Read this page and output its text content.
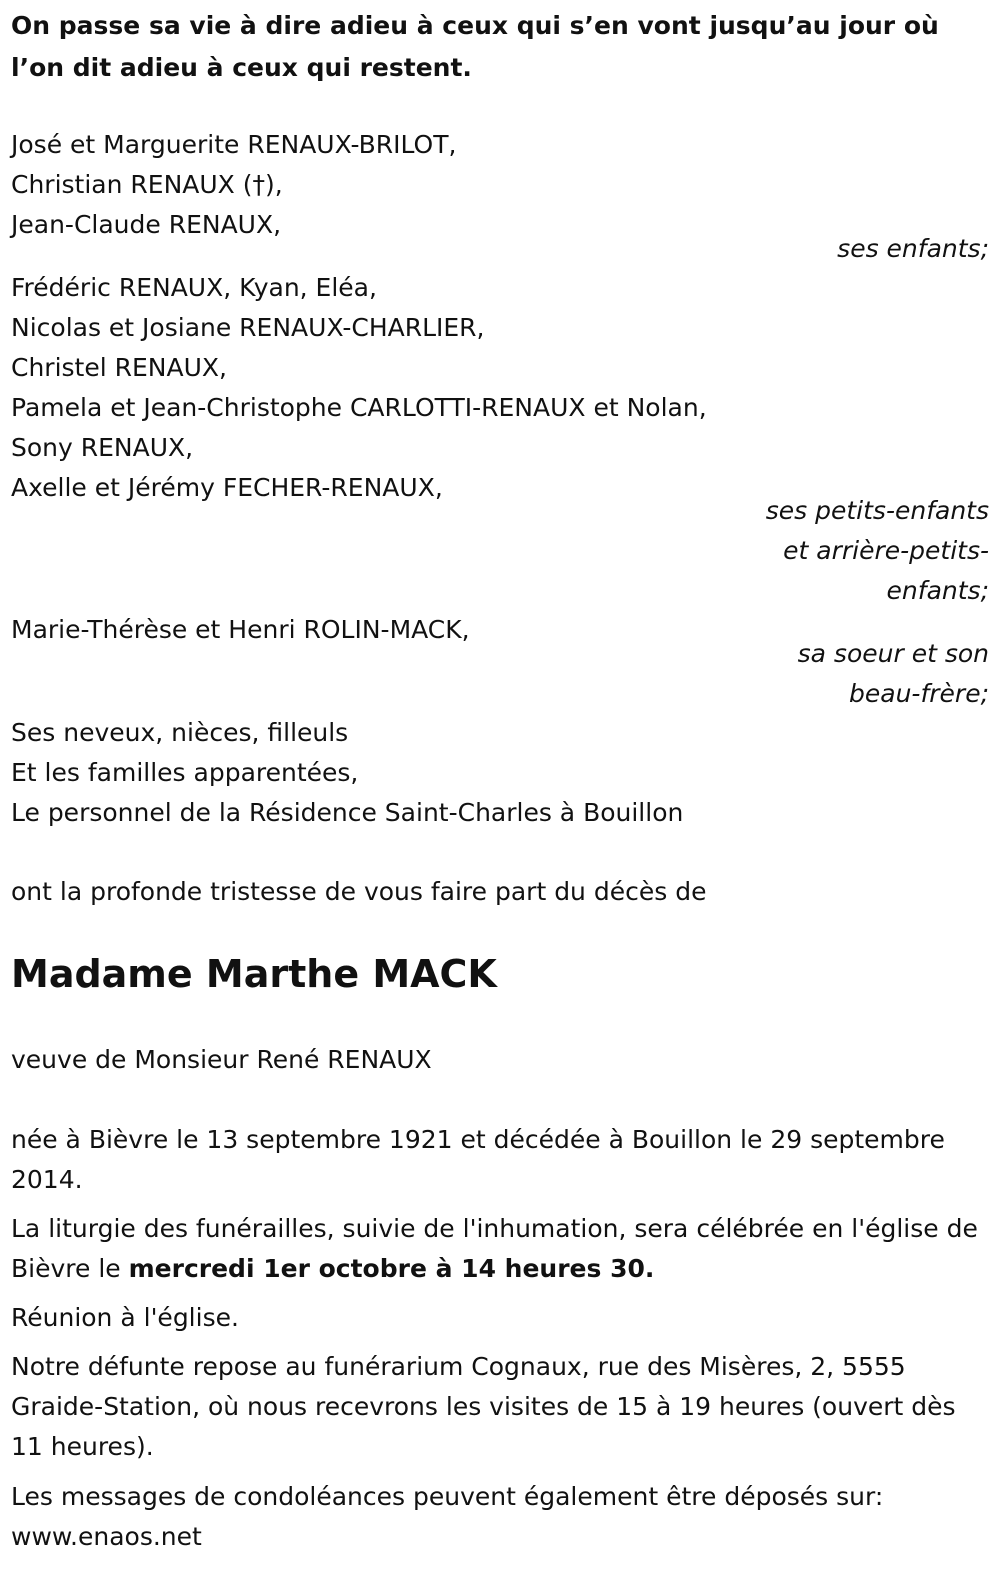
On passe sa vie à dire adieu à ceux qui s’en vont jusqu’au jour où l’on dit adieu à ceux qui restent.
José et Marguerite RENAUX-BRILOT,
Christian RENAUX (†),
Jean-Claude RENAUX,
ses enfants;
Frédéric RENAUX, Kyan, Eléa,
Nicolas et Josiane RENAUX-CHARLIER,
Christel RENAUX,
Pamela et Jean-Christophe CARLOTTI-RENAUX et Nolan,
Sony RENAUX,
Axelle et Jérémy FECHER-RENAUX,
ses petits-enfants
et arrière-petits-
enfants;
Marie-Thérèse et Henri ROLIN-MACK,
sa soeur et son
beau-frère;
Ses neveux, nièces, filleuls
Et les familles apparentées,
Le personnel de la Résidence Saint-Charles à Bouillon
ont la profonde tristesse de vous faire part du décès de
Madame Marthe MACK
veuve de Monsieur René RENAUX
née à Bièvre le 13 septembre 1921 et décédée à Bouillon le 29 septembre 2014.
La liturgie des funérailles, suivie de l'inhumation, sera célébrée en l'église de Bièvre le mercredi 1er octobre à 14 heures 30.
Réunion à l'église.
Notre défunte repose au funérarium Cognaux, rue des Misères, 2, 5555 Graide-Station, où nous recevrons les visites de 15 à 19 heures (ouvert dès 11 heures).
Les messages de condoléances peuvent également être déposés sur: www.enaos.net
